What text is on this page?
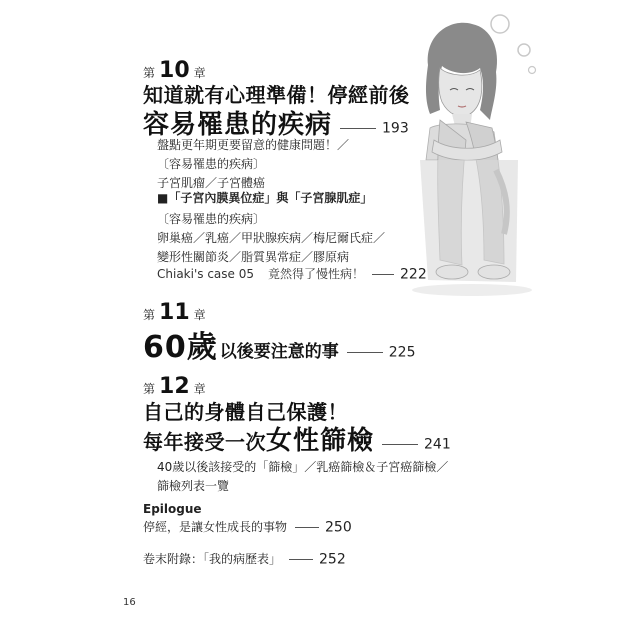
第 10 章
知道就有心理準備！停經前後
容易罹患的疾病	193
盤點更年期更要留意的健康問題！／
〔容易罹患的疾病〕
子宮肌瘤／子宮體癌
■「子宮內膜異位症」與「子宮腺肌症」
〔容易罹患的疾病〕
卵巢癌／乳癌／甲狀腺疾病／梅尼爾氏症／
變形性關節炎／脂質異常症／膠原病
Chiaki's case 05 竟然得了慢性病！	222
第 11 章
60歲 以後要注意的事	225
第 12 章
自己的身體自己保護！
每年接受一次女性篩檢	241
40歲以後該接受的「篩檢」／乳癌篩檢＆子宮癌篩檢／
篩檢列表一覽
Epilogue
停經，是讓女性成長的事物	250
卷末附錄：「我的病歷表」	252
16
